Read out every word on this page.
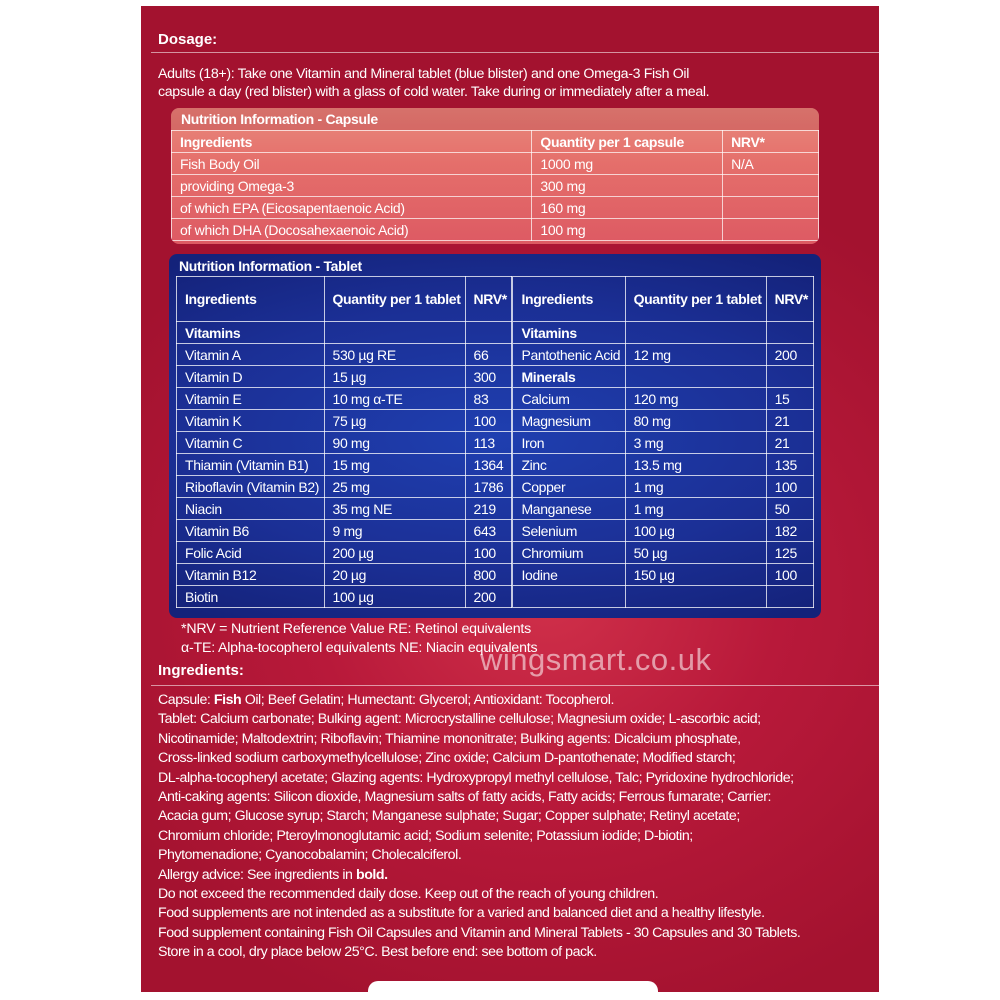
Dosage:
Adults (18+): Take one Vitamin and Mineral tablet (blue blister) and one Omega-3 Fish Oil
capsule a day (red blister) with a glass of cold water. Take during or immediately after a meal.
Nutrition Information - Capsule
Ingredients	Quantity per 1 capsule	NRV*
Fish Body Oil	1000 mg	N/A
providing Omega-3	300 mg	
of which EPA (Eicosapentaenoic Acid)	160 mg	
of which DHA (Docosahexaenoic Acid)	100 mg	
Nutrition Information - Tablet
Ingredients	Quantity per 1 tablet	NRV*		Ingredients	Quantity per 1 tablet	NRV*
Vitamins				Vitamins		
Vitamin A	530 µg RE	66		Pantothenic Acid	12 mg	200
Vitamin D	15 µg	300		Minerals		
Vitamin E	10 mg α-TE	83		Calcium	120 mg	15
Vitamin K	75 µg	100		Magnesium	80 mg	21
Vitamin C	90 mg	113		Iron	3 mg	21
Thiamin (Vitamin B1)	15 mg	1364		Zinc	13.5 mg	135
Riboflavin (Vitamin B2)	25 mg	1786		Copper	1 mg	100
Niacin	35 mg NE	219		Manganese	1 mg	50
Vitamin B6	9 mg	643		Selenium	100 µg	182
Folic Acid	200 µg	100		Chromium	50 µg	125
Vitamin B12	20 µg	800		Iodine	150 µg	100
Biotin	100 µg	200				
*NRV = Nutrient Reference Value RE: Retinol equivalents
α-TE: Alpha-tocopherol equivalents NE: Niacin equivalents
Ingredients:
Capsule: Fish Oil; Beef Gelatin; Humectant: Glycerol; Antioxidant: Tocopherol.
Tablet: Calcium carbonate; Bulking agent: Microcrystalline cellulose; Magnesium oxide; L-ascorbic acid;
Nicotinamide; Maltodextrin; Riboflavin; Thiamine mononitrate; Bulking agents: Dicalcium phosphate,
Cross-linked sodium carboxymethylcellulose; Zinc oxide; Calcium D-pantothenate; Modified starch;
DL-alpha-tocopheryl acetate; Glazing agents: Hydroxypropyl methyl cellulose, Talc; Pyridoxine hydrochloride;
Anti-caking agents: Silicon dioxide, Magnesium salts of fatty acids, Fatty acids; Ferrous fumarate; Carrier:
Acacia gum; Glucose syrup; Starch; Manganese sulphate; Sugar; Copper sulphate; Retinyl acetate;
Chromium chloride; Pteroylmonoglutamic acid; Sodium selenite; Potassium iodide; D-biotin;
Phytomenadione; Cyanocobalamin; Cholecalciferol.
Allergy advice: See ingredients in bold.
Do not exceed the recommended daily dose. Keep out of the reach of young children.
Food supplements are not intended as a substitute for a varied and balanced diet and a healthy lifestyle.
Food supplement containing Fish Oil Capsules and Vitamin and Mineral Tablets - 30 Capsules and 30 Tablets.
Store in a cool, dry place below 25°C. Best before end: see bottom of pack.
wingsmart.co.uk
